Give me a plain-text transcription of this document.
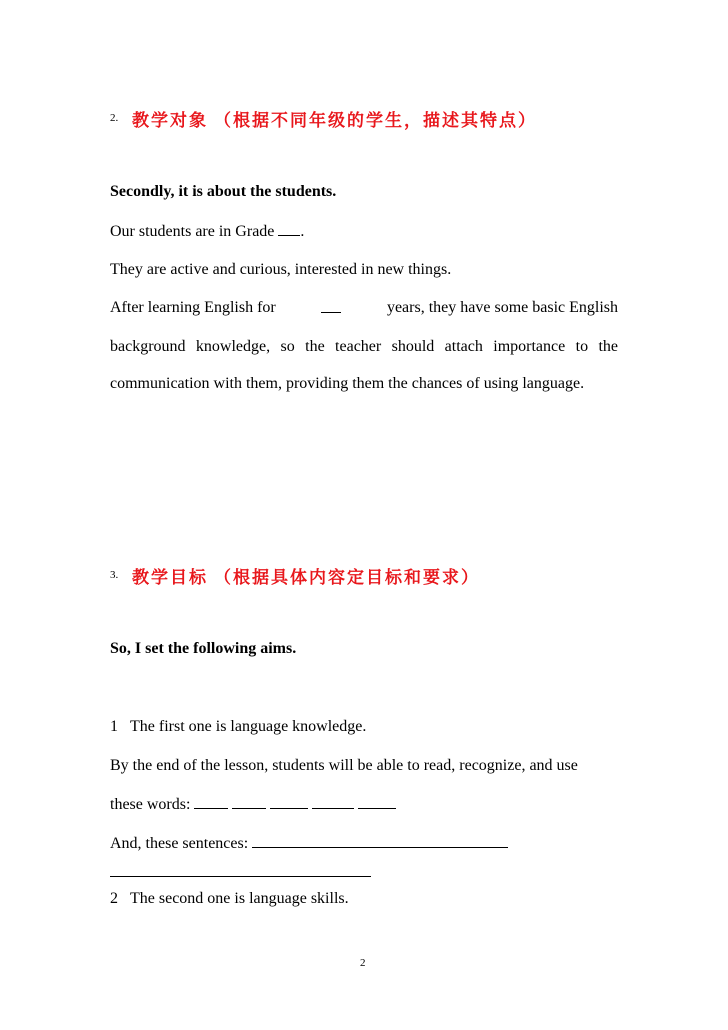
2. 教学对象 （根据不同年级的学生，描述其特点）
Secondly, it is about the students.
Our students are in Grade .
They are active and curious, interested in new things.
After learning English for	years, they have some basic English
background knowledge, so the teacher should attach importance to the
communication with them, providing them the chances of using language.
3. 教学目标 （根据具体内容定目标和要求）
So, I set the following aims.
1 The first one is language knowledge.
By the end of the lesson, students will be able to read, recognize, and use
these words:
And, these sentences:
2 The second one is language skills.
2
